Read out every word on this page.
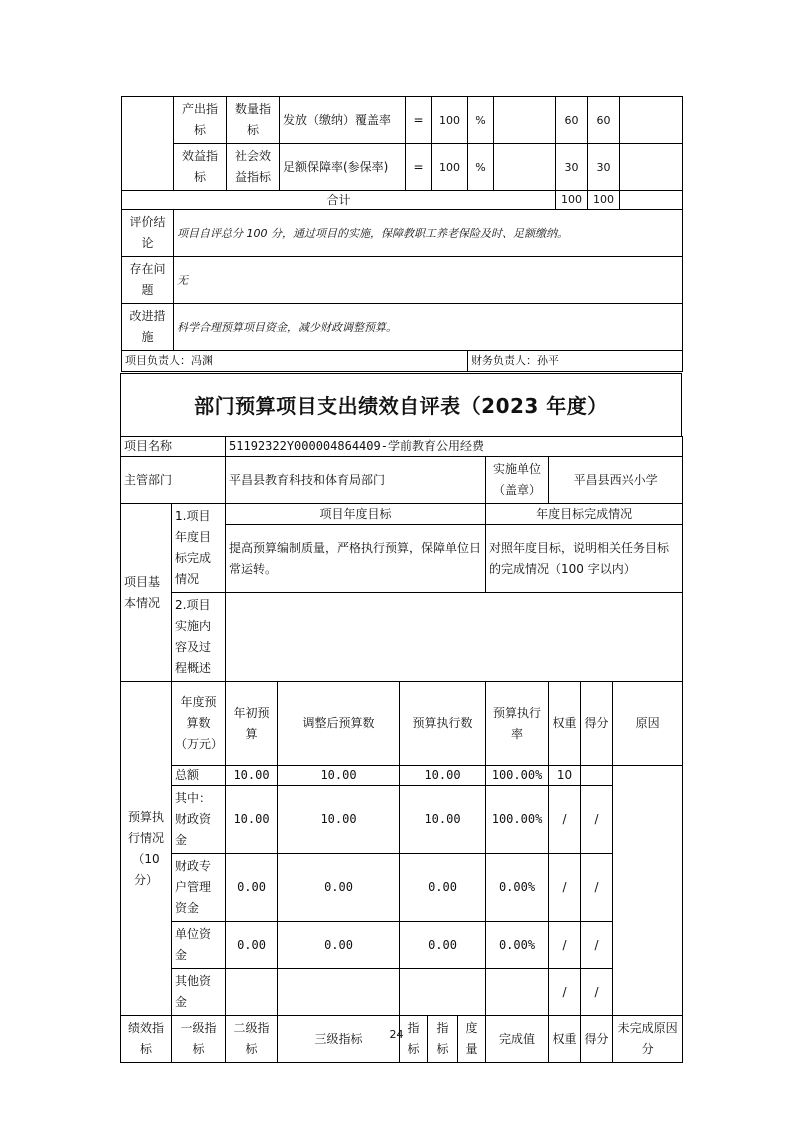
	产出指标	数量指标	发放（缴纳）覆盖率	=	100	%		60	60	
	效益指标	社会效益指标	足额保障率(参保率)	=	100	%		30	30	
合计								100	100	
评价结论	项目自评总分 100 分，通过项目的实施，保障教职工养老保险及时、足额缴纳。									
存在问题	无									
改进措施	科学合理预算项目资金，减少财政调整预算。									
项目负责人：冯渊						财务负责人：孙平				
部门预算项目支出绩效自评表（2023 年度）
项目名称		51192322Y000004864409-学前教育公用经费								
主管部门		平昌县教育科技和体育局部门					实施单位（盖章）	平昌县西兴小学		
项目基本情况	1.项目年度目标完成情况	项目年度目标					年度目标完成情况			
		提高预算编制质量，严格执行预算，保障单位日常运转。					对照年度目标，说明相关任务目标的完成情况（100 字以内）			
	2.项目实施内容及过程概述									
预算执行情况（10分）	年度预算数（万元）	年初预算	调整后预算数	预算执行数			预算执行率	权重	得分	原因
	总额	10.00	10.00	10.00			100.00%	10		
	其中：财政资金	10.00	10.00	10.00			100.00%	/	/	
	财政专户管理资金	0.00	0.00	0.00			0.00%	/	/	
	单位资金	0.00	0.00	0.00			0.00%	/	/	
	其他资金							/	/	
绩效指标	一级指标	二级指标	三级指标	指标	指标	度量	完成值	权重	得分	未完成原因分
24
